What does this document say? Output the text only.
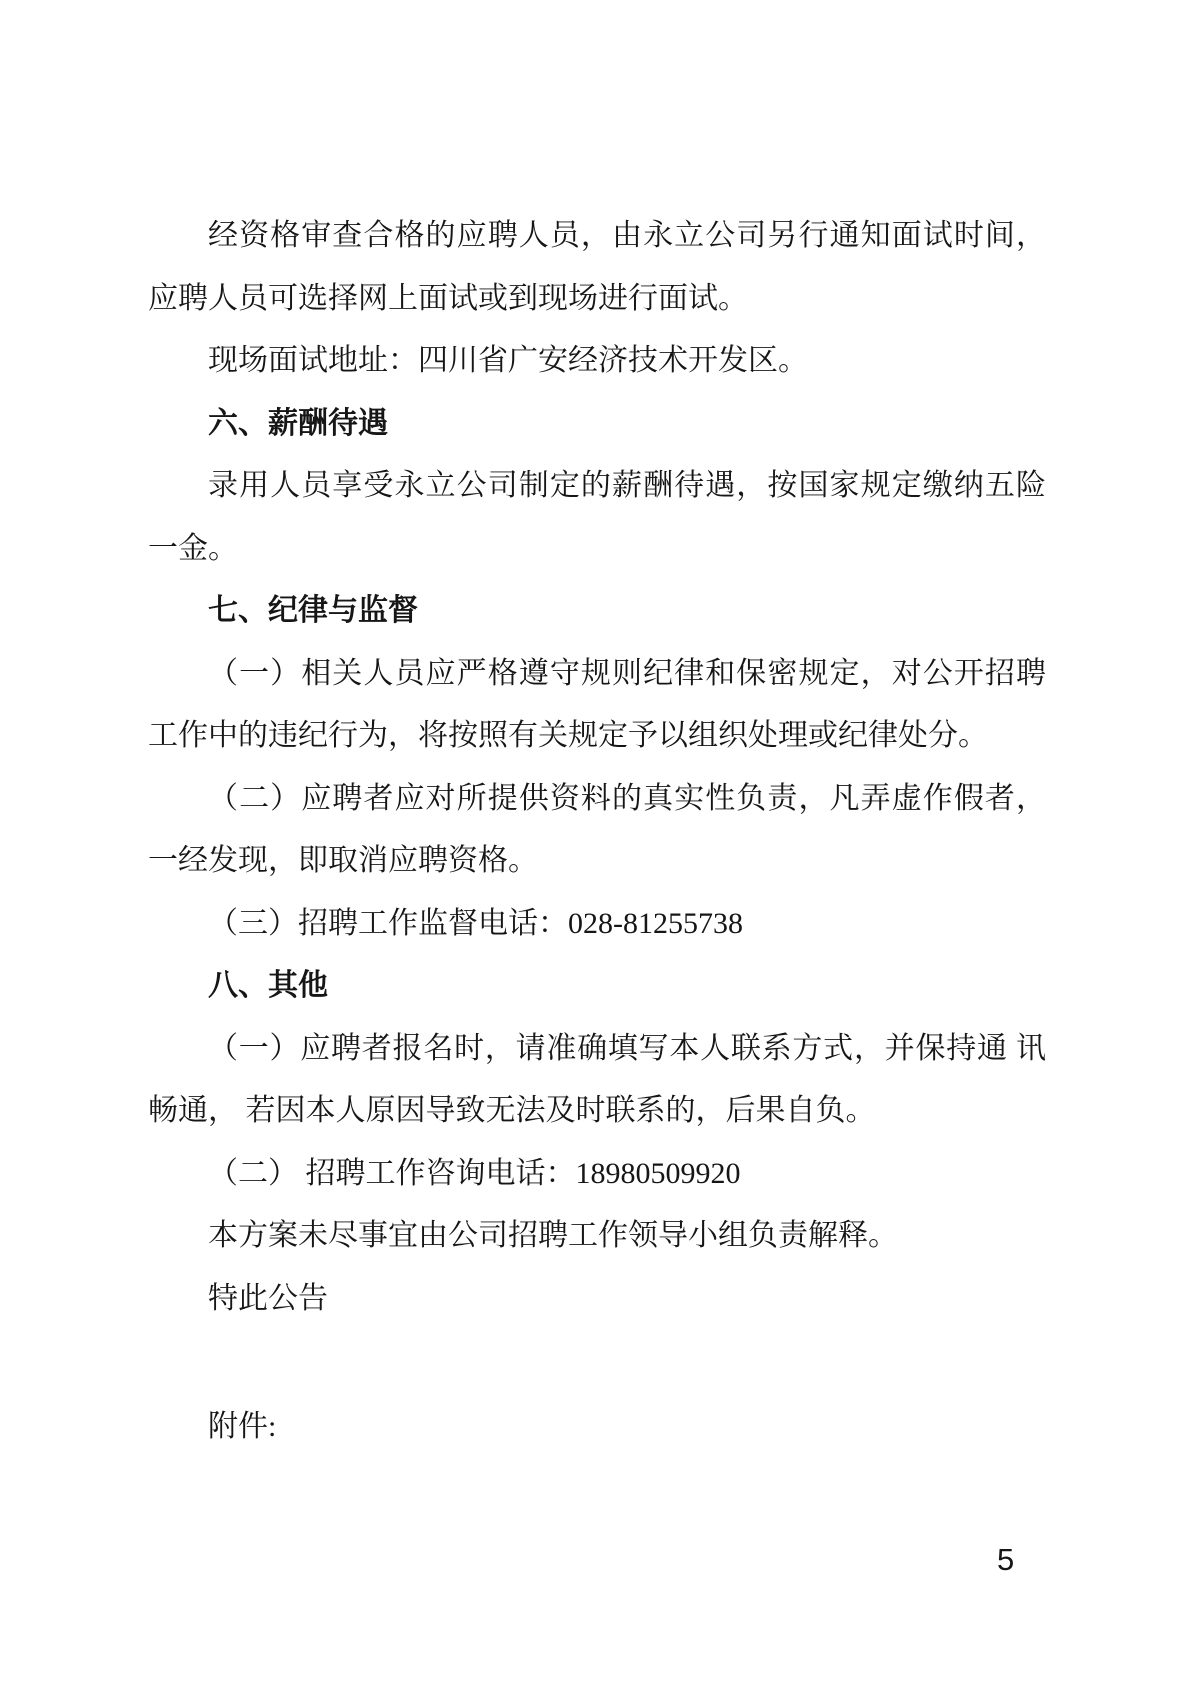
经资格审查合格的应聘人员，由永立公司另行通知面试时间，应聘人员可选择网上面试或到现场进行面试。

现场面试地址：四川省广安经济技术开发区。

六、薪酬待遇

录用人员享受永立公司制定的薪酬待遇，按国家规定缴纳五险一金。

七、纪律与监督

（一）相关人员应严格遵守规则纪律和保密规定，对公开招聘工作中的违纪行为，将按照有关规定予以组织处理或纪律处分。

（二）应聘者应对所提供资料的真实性负责，凡弄虚作假者，一经发现，即取消应聘资格。

（三）招聘工作监督电话：028-81255738

八、其他

（一）应聘者报名时，请准确填写本人联系方式，并保持通 讯畅通， 若因本人原因导致无法及时联系的，后果自负。

（二） 招聘工作咨询电话：18980509920

本方案未尽事宜由公司招聘工作领导小组负责解释。

特此公告

附件:

5
